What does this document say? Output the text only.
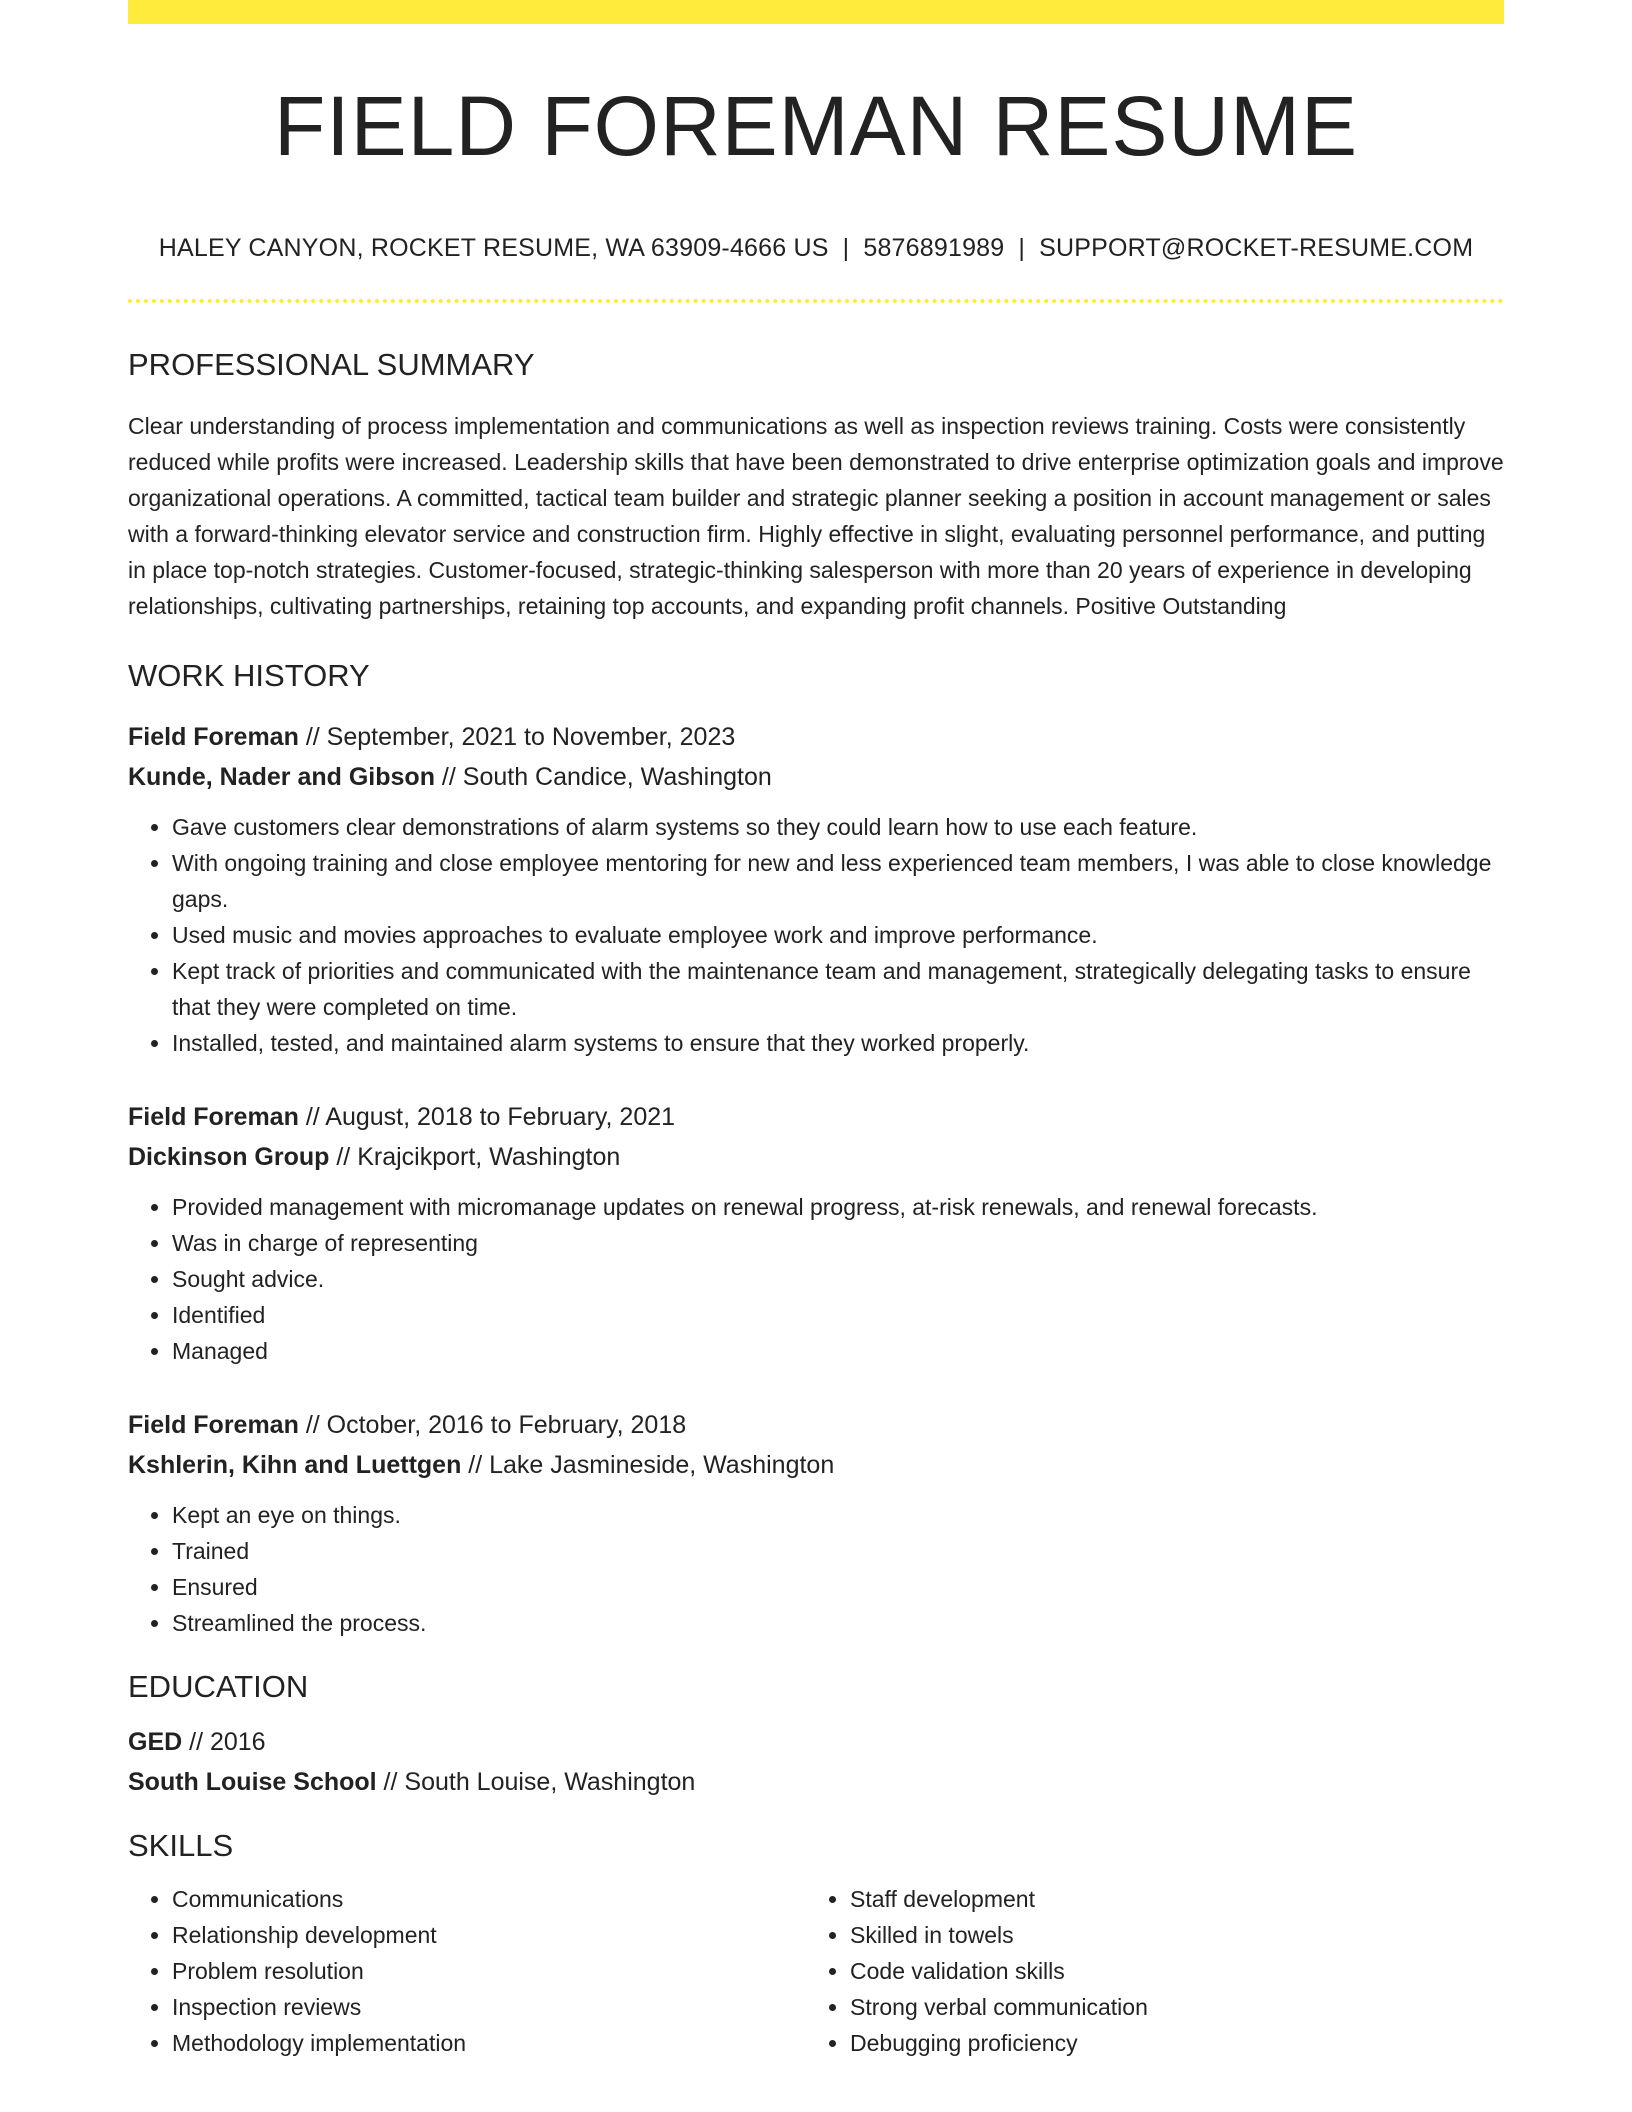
FIELD FOREMAN RESUME
HALEY CANYON, ROCKET RESUME, WA 63909-4666 US | 5876891989 | SUPPORT@ROCKET-RESUME.COM
PROFESSIONAL SUMMARY

Clear understanding of process implementation and communications as well as inspection reviews training. Costs were consistently reduced while profits were increased. Leadership skills that have been demonstrated to drive enterprise optimization goals and improve organizational operations. A committed, tactical team builder and strategic planner seeking a position in account management or sales with a forward-thinking elevator service and construction firm. Highly effective in slight, evaluating personnel performance, and putting in place top-notch strategies. Customer-focused, strategic-thinking salesperson with more than 20 years of experience in developing relationships, cultivating partnerships, retaining top accounts, and expanding profit channels. Positive Outstanding

WORK HISTORY
Field Foreman // September, 2021 to November, 2023
Kunde, Nader and Gibson // South Candice, Washington
• Gave customers clear demonstrations of alarm systems so they could learn how to use each feature.
• With ongoing training and close employee mentoring for new and less experienced team members, I was able to close knowledge gaps.
• Used music and movies approaches to evaluate employee work and improve performance.
• Kept track of priorities and communicated with the maintenance team and management, strategically delegating tasks to ensure that they were completed on time.
• Installed, tested, and maintained alarm systems to ensure that they worked properly.
Field Foreman // August, 2018 to February, 2021
Dickinson Group // Krajcikport, Washington
• Provided management with micromanage updates on renewal progress, at-risk renewals, and renewal forecasts.
• Was in charge of representing
• Sought advice.
• Identified
• Managed
Field Foreman // October, 2016 to February, 2018
Kshlerin, Kihn and Luettgen // Lake Jasmineside, Washington
• Kept an eye on things.
• Trained
• Ensured
• Streamlined the process.
EDUCATION
GED // 2016
South Louise School // South Louise, Washington
SKILLS
• Communications
• Relationship development
• Problem resolution
• Inspection reviews
• Methodology implementation
• Staff development
• Skilled in towels
• Code validation skills
• Strong verbal communication
• Debugging proficiency
